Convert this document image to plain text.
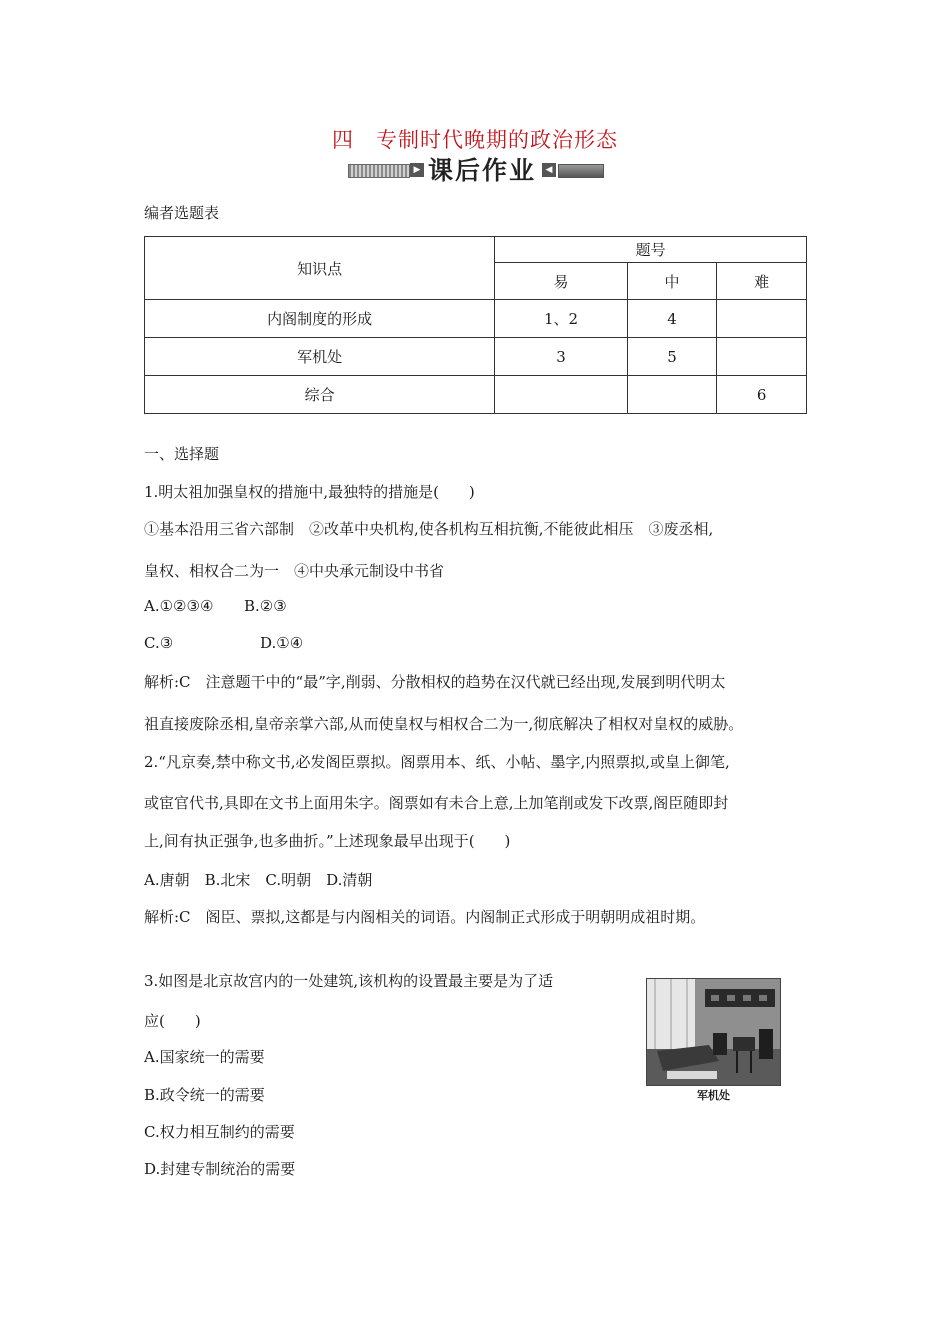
四　专制时代晚期的政治形态
▶ 课后作业	◀
编者选题表
知识点	题号		
	易	中	难
内阁制度的形成	1、2	4	
军机处	3	5	
综合			6
一、选择题
1.明太祖加强皇权的措施中,最独特的措施是(　　)
①基本沿用三省六部制　②改革中央机构,使各机构互相抗衡,不能彼此相压　③废丞相,
皇权、相权合二为一　④中央承元制设中书省
A.①②③④ B.②③
C.③	D.①④
解析:C　注意题干中的“最”字,削弱、分散相权的趋势在汉代就已经出现,发展到明代明太
祖直接废除丞相,皇帝亲掌六部,从而使皇权与相权合二为一,彻底解决了相权对皇权的威胁。
2.“凡京奏,禁中称文书,必发阁臣票拟。阁票用本、纸、小帖、墨字,内照票拟,或皇上御笔,
或宦官代书,具即在文书上面用朱字。阁票如有未合上意,上加笔削或发下改票,阁臣随即封
上,间有执正强争,也多曲折。”上述现象最早出现于(　　)
A.唐朝　B.北宋　C.明朝　D.清朝
解析:C　阁臣、票拟,这都是与内阁相关的词语。内阁制正式形成于明朝明成祖时期。
3.如图是北京故宫内的一处建筑,该机构的设置最主要是为了适
应(　　)
A.国家统一的需要
B.政令统一的需要
C.权力相互制约的需要
D.封建专制统治的需要
军机处
